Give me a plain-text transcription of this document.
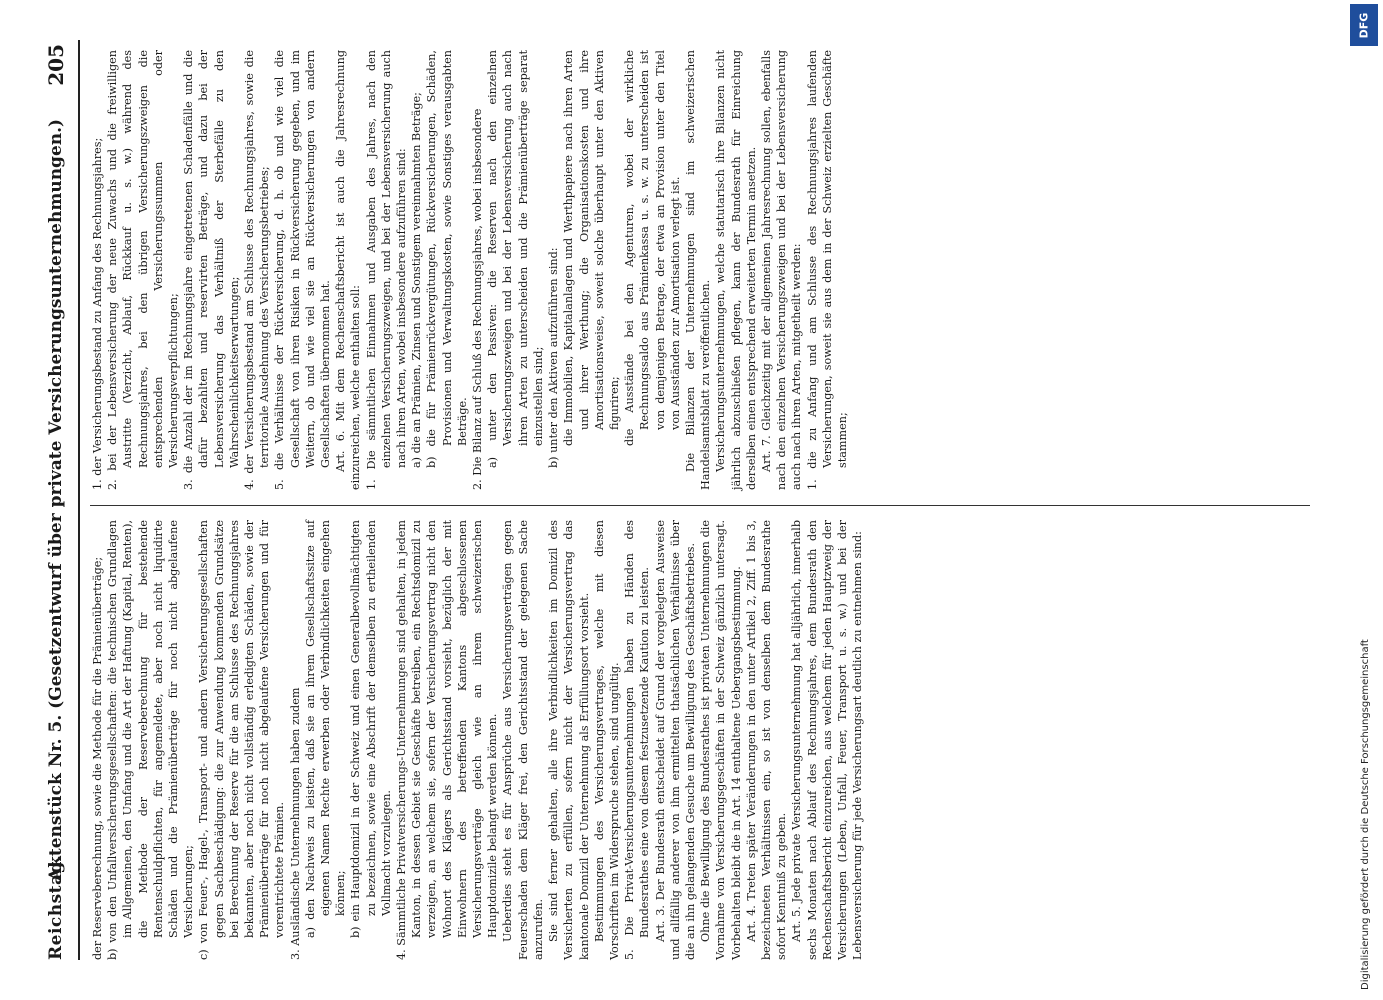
Reichstag.
Aktenstück Nr. 5. (Gesetzentwurf über private Versicherungsunternehmungen.)
205

der Reserveberechnung, sowie die Methode für die Prämienüberträge; b) von den Unfallversicherungsgesellschaften: die technischen Grundlagen im Allgemeinen, den Umfang und die Art der Haftung (Kapital, Renten), die Methode der Reserveberechnung für bestehende Rentenschuldpflichten, für angemeldete, aber noch nicht liquidirte Schäden und die Prämienüberträge für noch nicht abgelaufene Versicherungen; c) von Feuer-, Hagel-, Transport- und andern Versicherungsgesellschaften gegen Sachbeschädigung: die zur Anwendung kommenden Grundsätze bei Berechnung der Reserve für die am Schlusse des Rechnungsjahres bekannten, aber noch nicht vollständig erledigten Schäden, sowie der Prämienüberträge für noch nicht abgelaufene Versicherungen und für vorentrichtete Prämien. 3. Ausländische Unternehmungen haben zudem a) den Nachweis zu leisten, daß sie an ihrem Gesellschaftssitze auf eigenen Namen Rechte erwerben oder Verbindlichkeiten eingehen können; b) ein Hauptdomizil in der Schweiz und einen Generalbevollmächtigten zu bezeichnen, sowie eine Abschrift der demselben zu ertheilenden Vollmacht vorzulegen. 4. Sämmtliche Privatversicherungs-Unternehmungen sind gehalten, in jedem Kanton, in dessen Gebiet sie Geschäfte betreiben, ein Rechtsdomizil zu verzeigen, an welchem sie, sofern der Versicherungsvertrag nicht den Wohnort des Klägers als Gerichtsstand vorsieht, bezüglich der mit Einwohnern des betreffenden Kantons abgeschlossenen Versicherungsverträge gleich wie an ihrem schweizerischen Hauptdomizile belangt werden können. Ueberdies steht es für Ansprüche aus Versicherungsverträgen gegen Feuerschaden dem Kläger frei, den Gerichtsstand der gelegenen Sache anzurufen. Sie sind ferner gehalten, alle ihre Verbindlichkeiten im Domizil des Versicherten zu erfüllen, sofern nicht der Versicherungsvertrag das kantonale Domizil der Unternehmung als Erfüllungsort vorsieht. Bestimmungen des Versicherungsvertrages, welche mit diesen Vorschriften im Widerspruche stehen, sind ungültig. 5. Die Privat-Versicherungsunternehmungen haben zu Händen des Bundesrathes eine von diesem festzusetzende Kaution zu leisten. Art. 3. Der Bundesrath entscheidet auf Grund der vorgelegten Ausweise und allfällig anderer von ihm ermittelten thatsächlichen Verhältnisse über die an ihn gelangenden Gesuche um Bewilligung des Geschäftsbetriebes. Ohne die Bewilligung des Bundesrathes ist privaten Unternehmungen die Vornahme von Versicherungsgeschäften in der Schweiz gänzlich untersagt. Vorbehalten bleibt die in Art. 14 enthaltene Uebergangsbestimmung. Art. 4. Treten später Veränderungen in den unter Artikel 2, Ziff. 1 bis 3, bezeichneten Verhältnissen ein, so ist von denselben dem Bundesrathe sofort Kenntniß zu geben. Art. 5. Jede private Versicherungsunternehmung hat alljährlich, innerhalb sechs Monaten nach Ablauf des Rechnungsjahres, dem Bundesrath den Rechenschaftsbericht einzureichen, aus welchem für jeden Hauptzweig der Versicherungen (Leben, Unfall, Feuer, Transport u. s. w.) und bei der Lebensversicherung für jede Versicherungsart deutlich zu entnehmen sind:

1. der Versicherungsbestand zu Anfang des Rechnungsjahres; 2. bei der Lebensversicherung der neue Zuwachs und die freiwilligen Austritte (Verzicht, Ablauf, Rückkauf u. s. w.) während des Rechnungsjahres, bei den übrigen Versicherungszweigen die entsprechenden Versicherungssummen oder Versicherungsverpflichtungen; 3. die Anzahl der im Rechnungsjahre eingetretenen Schadenfälle und die dafür bezahlten und reservirten Beträge, und dazu bei der Lebensversicherung das Verhältniß der Sterbefälle zu den Wahrscheinlichkeitserwartungen; 4. der Versicherungsbestand am Schlusse des Rechnungsjahres, sowie die territoriale Ausdehnung des Versicherungsbetriebes; 5. die Verhältnisse der Rückversicherung, d. h. ob und wie viel die Gesellschaft von ihren Risiken in Rückversicherung gegeben, und im Weitern, ob und wie viel sie an Rückversicherungen von andern Gesellschaften übernommen hat. Art. 6. Mit dem Rechenschaftsbericht ist auch die Jahresrechnung einzureichen, welche enthalten soll: 1. Die sämmtlichen Einnahmen und Ausgaben des Jahres, nach den einzelnen Versicherungszweigen, und bei der Lebensversicherung auch nach ihren Arten, wobei insbesondere aufzuführen sind: a) die an Prämien, Zinsen und Sonstigem vereinnahmten Beträge; b) die für Prämienrückvergütungen, Rückversicherungen, Schäden, Provisionen und Verwaltungskosten, sowie Sonstiges verausgabten Beträge. 2. Die Bilanz auf Schluß des Rechnungsjahres, wobei insbesondere a) unter den Passiven: die Reserven nach den einzelnen Versicherungszweigen und bei der Lebensversicherung auch nach ihren Arten zu unterscheiden und die Prämienüberträge separat einzustellen sind; b) unter den Aktiven aufzuführen sind: die Immobilien, Kapitalanlagen und Werthpapiere nach ihren Arten und ihrer Werthung; die Organisationskosten und ihre Amortisationsweise, soweit solche überhaupt unter den Aktiven figuriren; die Ausstände bei den Agenturen, wobei der wirkliche Rechnungssaldo aus Prämienkassa u. s. w. zu unterscheiden ist von demjenigen Betrage, der etwa an Provision unter den Titel von Ausständen zur Amortisation verlegt ist. Die Bilanzen der Unternehmungen sind im schweizerischen Handelsamtsblatt zu veröffentlichen. Versicherungsunternehmungen, welche statutarisch ihre Bilanzen nicht jährlich abzuschließen pflegen, kann der Bundesrath für Einreichung derselben einen entsprechend erweiterten Termin ansetzen. Art. 7. Gleichzeitig mit der allgemeinen Jahresrechnung sollen, ebenfalls nach den einzelnen Versicherungszweigen und bei der Lebensversicherung auch nach ihren Arten, mitgetheilt werden: 1. die zu Anfang und am Schlusse des Rechnungsjahres laufenden Versicherungen, soweit sie aus dem in der Schweiz erzielten Geschäfte stammen;

Digitalisierung gefördert durch die Deutsche Forschungsgemeinschaft
DFG
